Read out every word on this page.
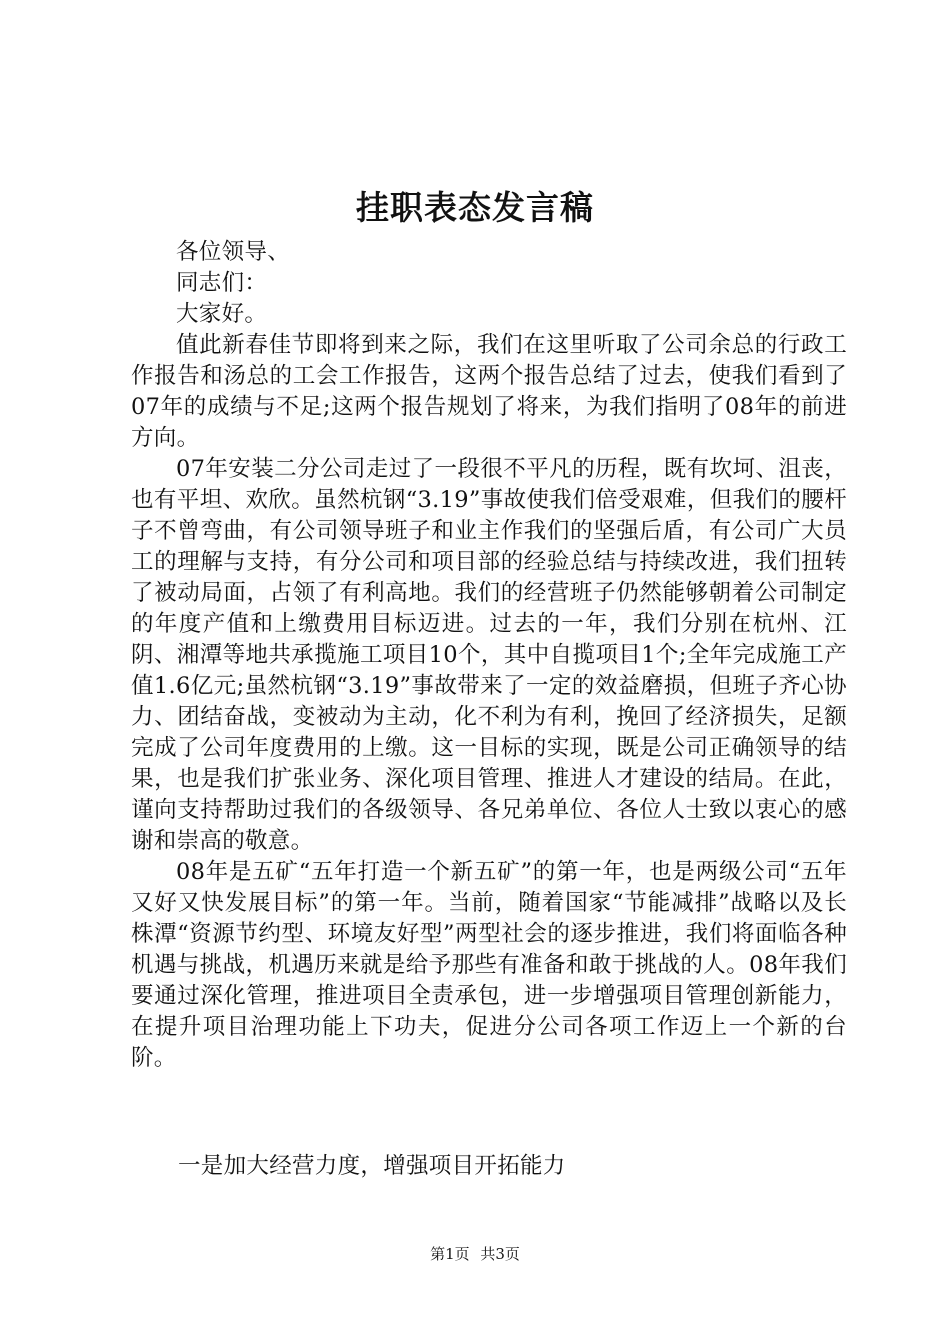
挂职表态发言稿

各位领导、

同志们：

大家好。

值此新春佳节即将到来之际，我们在这里听取了公司余总的行政工作报告和汤总的工会工作报告，这两个报告总结了过去，使我们看到了07年的成绩与不足;这两个报告规划了将来，为我们指明了08年的前进方向。

07年安装二分公司走过了一段很不平凡的历程，既有坎坷、沮丧，也有平坦、欢欣。虽然杭钢“3.19”事故使我们倍受艰难，但我们的腰杆子不曾弯曲，有公司领导班子和业主作我们的坚强后盾，有公司广大员工的理解与支持，有分公司和项目部的经验总结与持续改进，我们扭转了被动局面，占领了有利高地。我们的经营班子仍然能够朝着公司制定的年度产值和上缴费用目标迈进。过去的一年，我们分别在杭州、江阴、湘潭等地共承揽施工项目10个，其中自揽项目1个;全年完成施工产值1.6亿元;虽然杭钢“3.19”事故带来了一定的效益磨损，但班子齐心协力、团结奋战，变被动为主动，化不利为有利，挽回了经济损失，足额完成了公司年度费用的上缴。这一目标的实现，既是公司正确领导的结果，也是我们扩张业务、深化项目管理、推进人才建设的结局。在此，谨向支持帮助过我们的各级领导、各兄弟单位、各位人士致以衷心的感谢和崇高的敬意。

08年是五矿“五年打造一个新五矿”的第一年，也是两级公司“五年又好又快发展目标”的第一年。当前，随着国家“节能减排”战略以及长株潭“资源节约型、环境友好型”两型社会的逐步推进，我们将面临各种机遇与挑战，机遇历来就是给予那些有准备和敢于挑战的人。08年我们要通过深化管理，推进项目全责承包，进一步增强项目管理创新能力，在提升项目治理功能上下功夫，促进分公司各项工作迈上一个新的台阶。

一是加大经营力度，增强项目开拓能力
第1页 共3页
